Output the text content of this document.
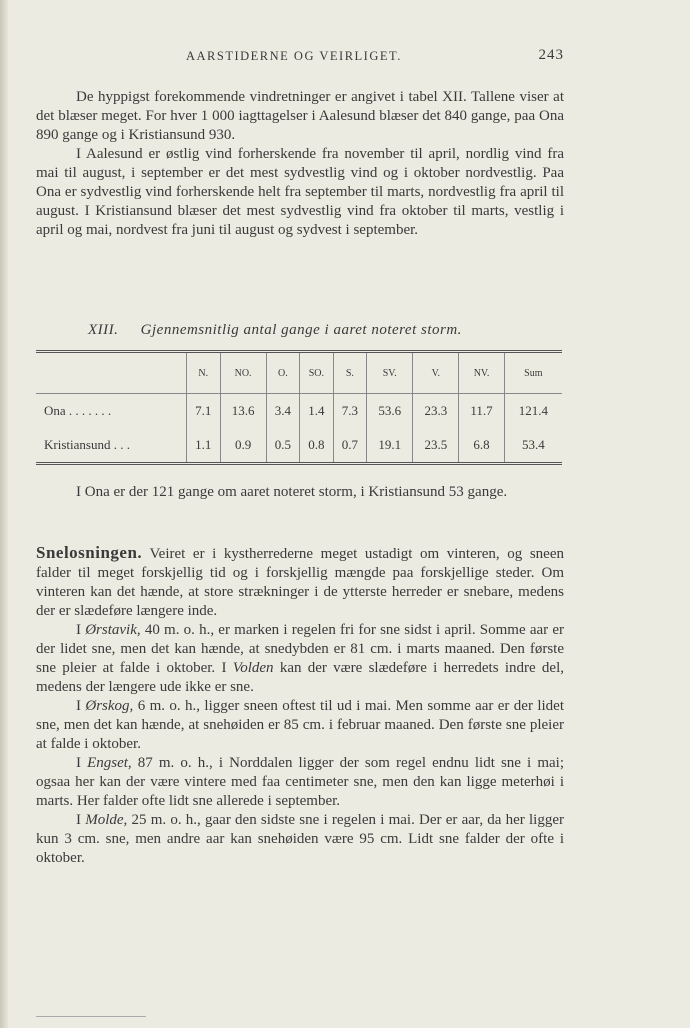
AARSTIDERNE OG VEIRLIGET.	243

De hyppigst forekommende vindretninger er angivet i tabel XII. Tallene viser at det blæser meget. For hver 1 000 iagttagelser i Aalesund blæser det 840 gange, paa Ona 890 gange og i Kristiansund 930.

I Aalesund er østlig vind forherskende fra november til april, nordlig vind fra mai til august, i september er det mest sydvestlig vind og i oktober nordvestlig. Paa Ona er sydvestlig vind forherskende helt fra september til marts, nordvestlig fra april til august. I Kristiansund blæser det mest sydvestlig vind fra oktober til marts, vestlig i april og mai, nordvest fra juni til august og sydvest i september.

XIII. Gjennemsnitlig antal gange i aaret noteret storm.
	N.	NO.	O.	SO.	S.	SV.	V.	NV.	Sum
Ona . . . . . . .	7.1	13.6	3.4	1.4	7.3	53.6	23.3	11.7	121.4
Kristiansund . . .	1.1	0.9	0.5	0.8	0.7	19.1	23.5	6.8	53.4

I Ona er der 121 gange om aaret noteret storm, i Kristiansund 53 gange.

Snelosningen. Veiret er i kystherrederne meget ustadigt om vinteren, og sneen falder til meget forskjellig tid og i forskjellig mængde paa forskjellige steder. Om vinteren kan det hænde, at store strækninger i de ytterste herreder er snebare, medens der er slædeføre længere inde.

I Ørstavik, 40 m. o. h., er marken i regelen fri for sne sidst i april. Somme aar er der lidet sne, men det kan hænde, at snedybden er 81 cm. i marts maaned. Den første sne pleier at falde i oktober. I Volden kan der være slædeføre i herredets indre del, medens der længere ude ikke er sne.

I Ørskog, 6 m. o. h., ligger sneen oftest til ud i mai. Men somme aar er der lidet sne, men det kan hænde, at snehøiden er 85 cm. i februar maaned. Den første sne pleier at falde i oktober.

I Engset, 87 m. o. h., i Norddalen ligger der som regel endnu lidt sne i mai; ogsaa her kan der være vintere med faa centimeter sne, men den kan ligge meterhøi i marts. Her falder ofte lidt sne allerede i september.

I Molde, 25 m. o. h., gaar den sidste sne i regelen i mai. Der er aar, da her ligger kun 3 cm. sne, men andre aar kan snehøiden være 95 cm. Lidt sne falder der ofte i oktober.
